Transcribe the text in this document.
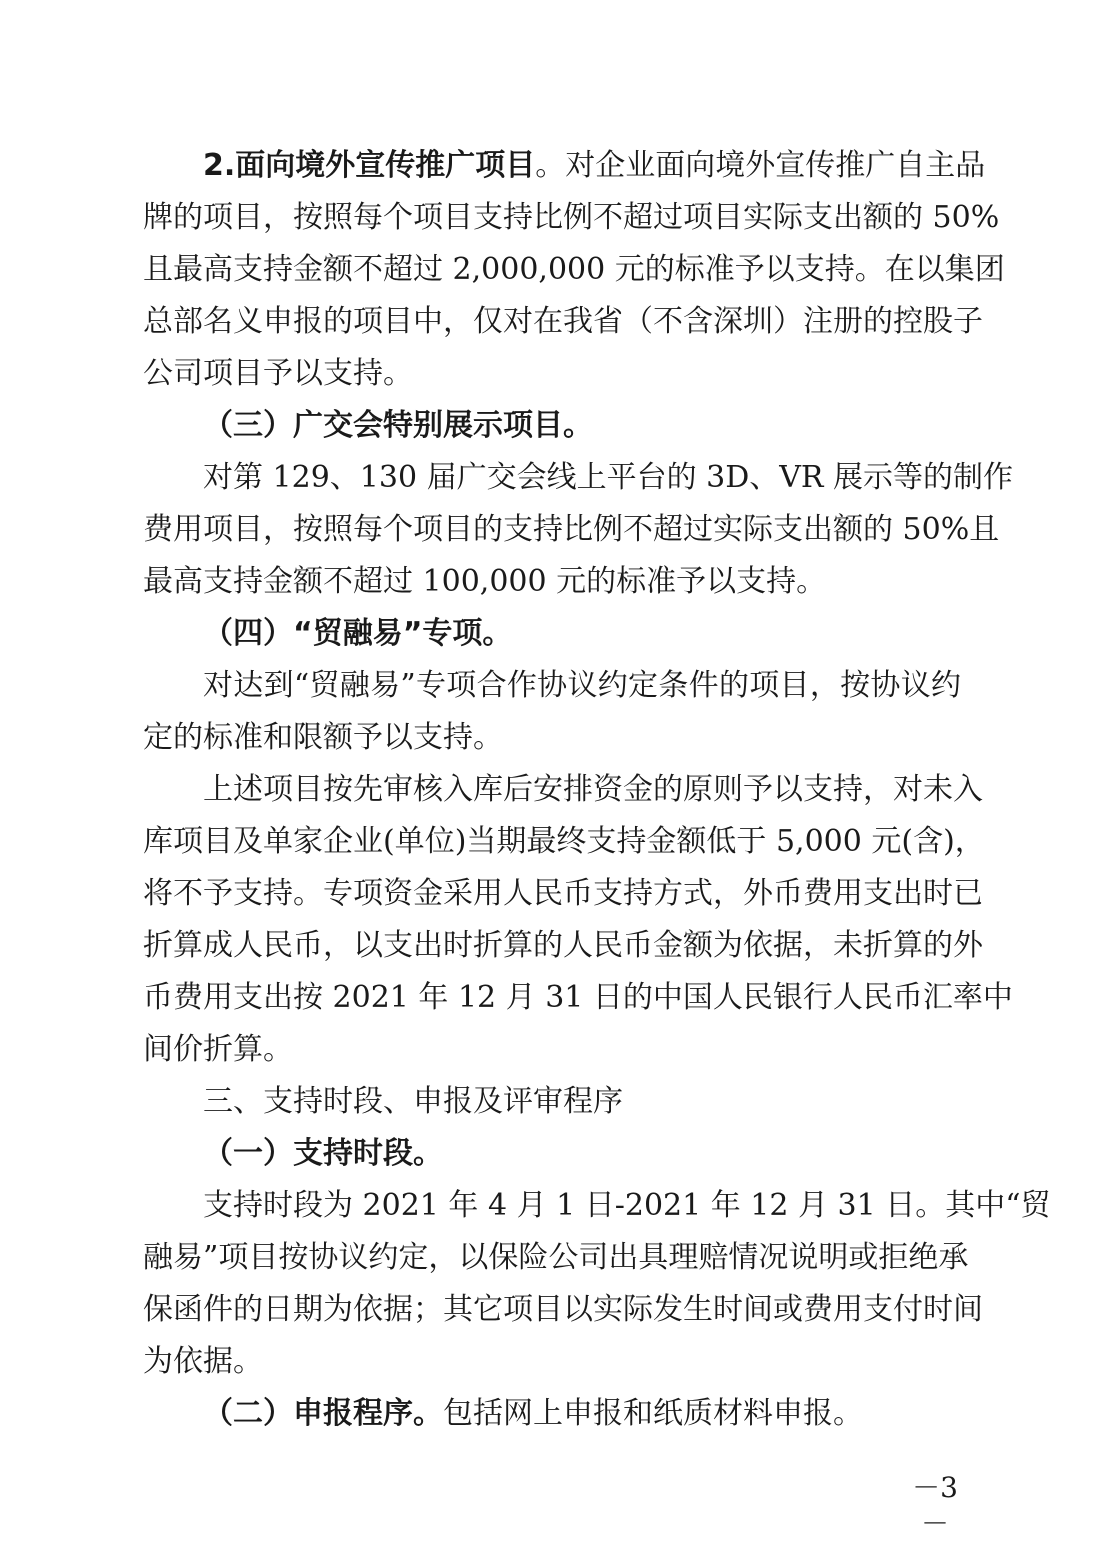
2.面向境外宣传推广项目。对企业面向境外宣传推广自主品
牌的项目，按照每个项目支持比例不超过项目实际支出额的 50%
且最高支持金额不超过 2,000,000 元的标准予以支持。在以集团
总部名义申报的项目中，仅对在我省（不含深圳）注册的控股子
公司项目予以支持。
（三）广交会特别展示项目。
对第 129、130 届广交会线上平台的 3D、VR 展示等的制作
费用项目，按照每个项目的支持比例不超过实际支出额的 50%且
最高支持金额不超过 100,000 元的标准予以支持。
（四）“贸融易”专项。
对达到“贸融易”专项合作协议约定条件的项目，按协议约
定的标准和限额予以支持。
上述项目按先审核入库后安排资金的原则予以支持，对未入
库项目及单家企业(单位)当期最终支持金额低于 5,000 元(含)，
将不予支持。专项资金采用人民币支持方式，外币费用支出时已
折算成人民币，以支出时折算的人民币金额为依据，未折算的外
币费用支出按 2021 年 12 月 31 日的中国人民银行人民币汇率中
间价折算。
三、支持时段、申报及评审程序
（一）支持时段。
支持时段为 2021 年 4 月 1 日-2021 年 12 月 31 日。其中“贸
融易”项目按协议约定，以保险公司出具理赔情况说明或拒绝承
保函件的日期为依据；其它项目以实际发生时间或费用支付时间
为依据。
（二）申报程序。包括网上申报和纸质材料申报。
－3－
